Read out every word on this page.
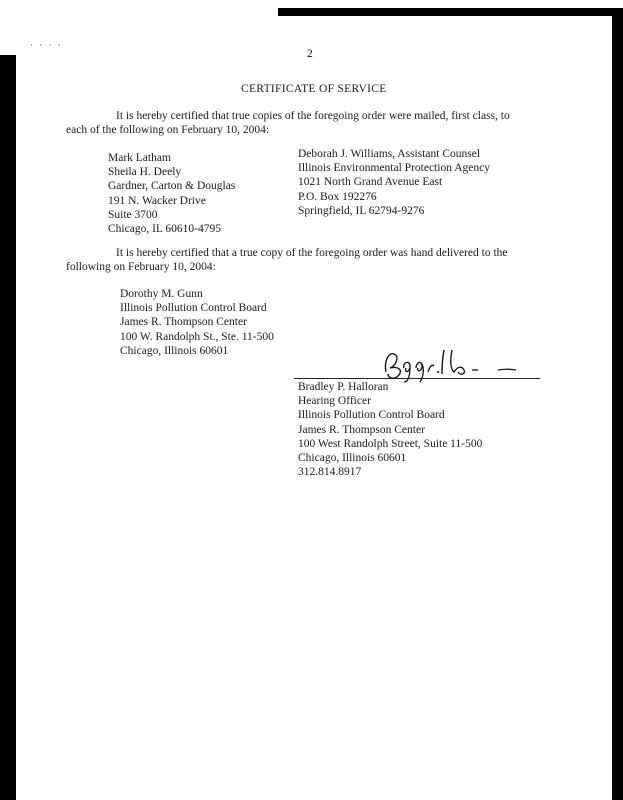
· · · ·
2
CERTIFICATE OF SERVICE
It is hereby certified that true copies of the foregoing order were mailed, first class, to each of the following on February 10, 2004:
Mark Latham
Sheila H. Deely
Gardner, Carton & Douglas
191 N. Wacker Drive
Suite 3700
Chicago, IL 60610-4795
Deborah J. Williams, Assistant Counsel
Illinois Environmental Protection Agency
1021 North Grand Avenue East
P.O. Box 192276
Springfield, IL 62794-9276
It is hereby certified that a true copy of the foregoing order was hand delivered to the following on February 10, 2004:
Dorothy M. Gunn
Illinois Pollution Control Board
James R. Thompson Center
100 W. Randolph St., Ste. 11-500
Chicago, Illinois 60601
Bradley P. Halloran
Hearing Officer
Illinois Pollution Control Board
James R. Thompson Center
100 West Randolph Street, Suite 11-500
Chicago, Illinois 60601
312.814.8917
